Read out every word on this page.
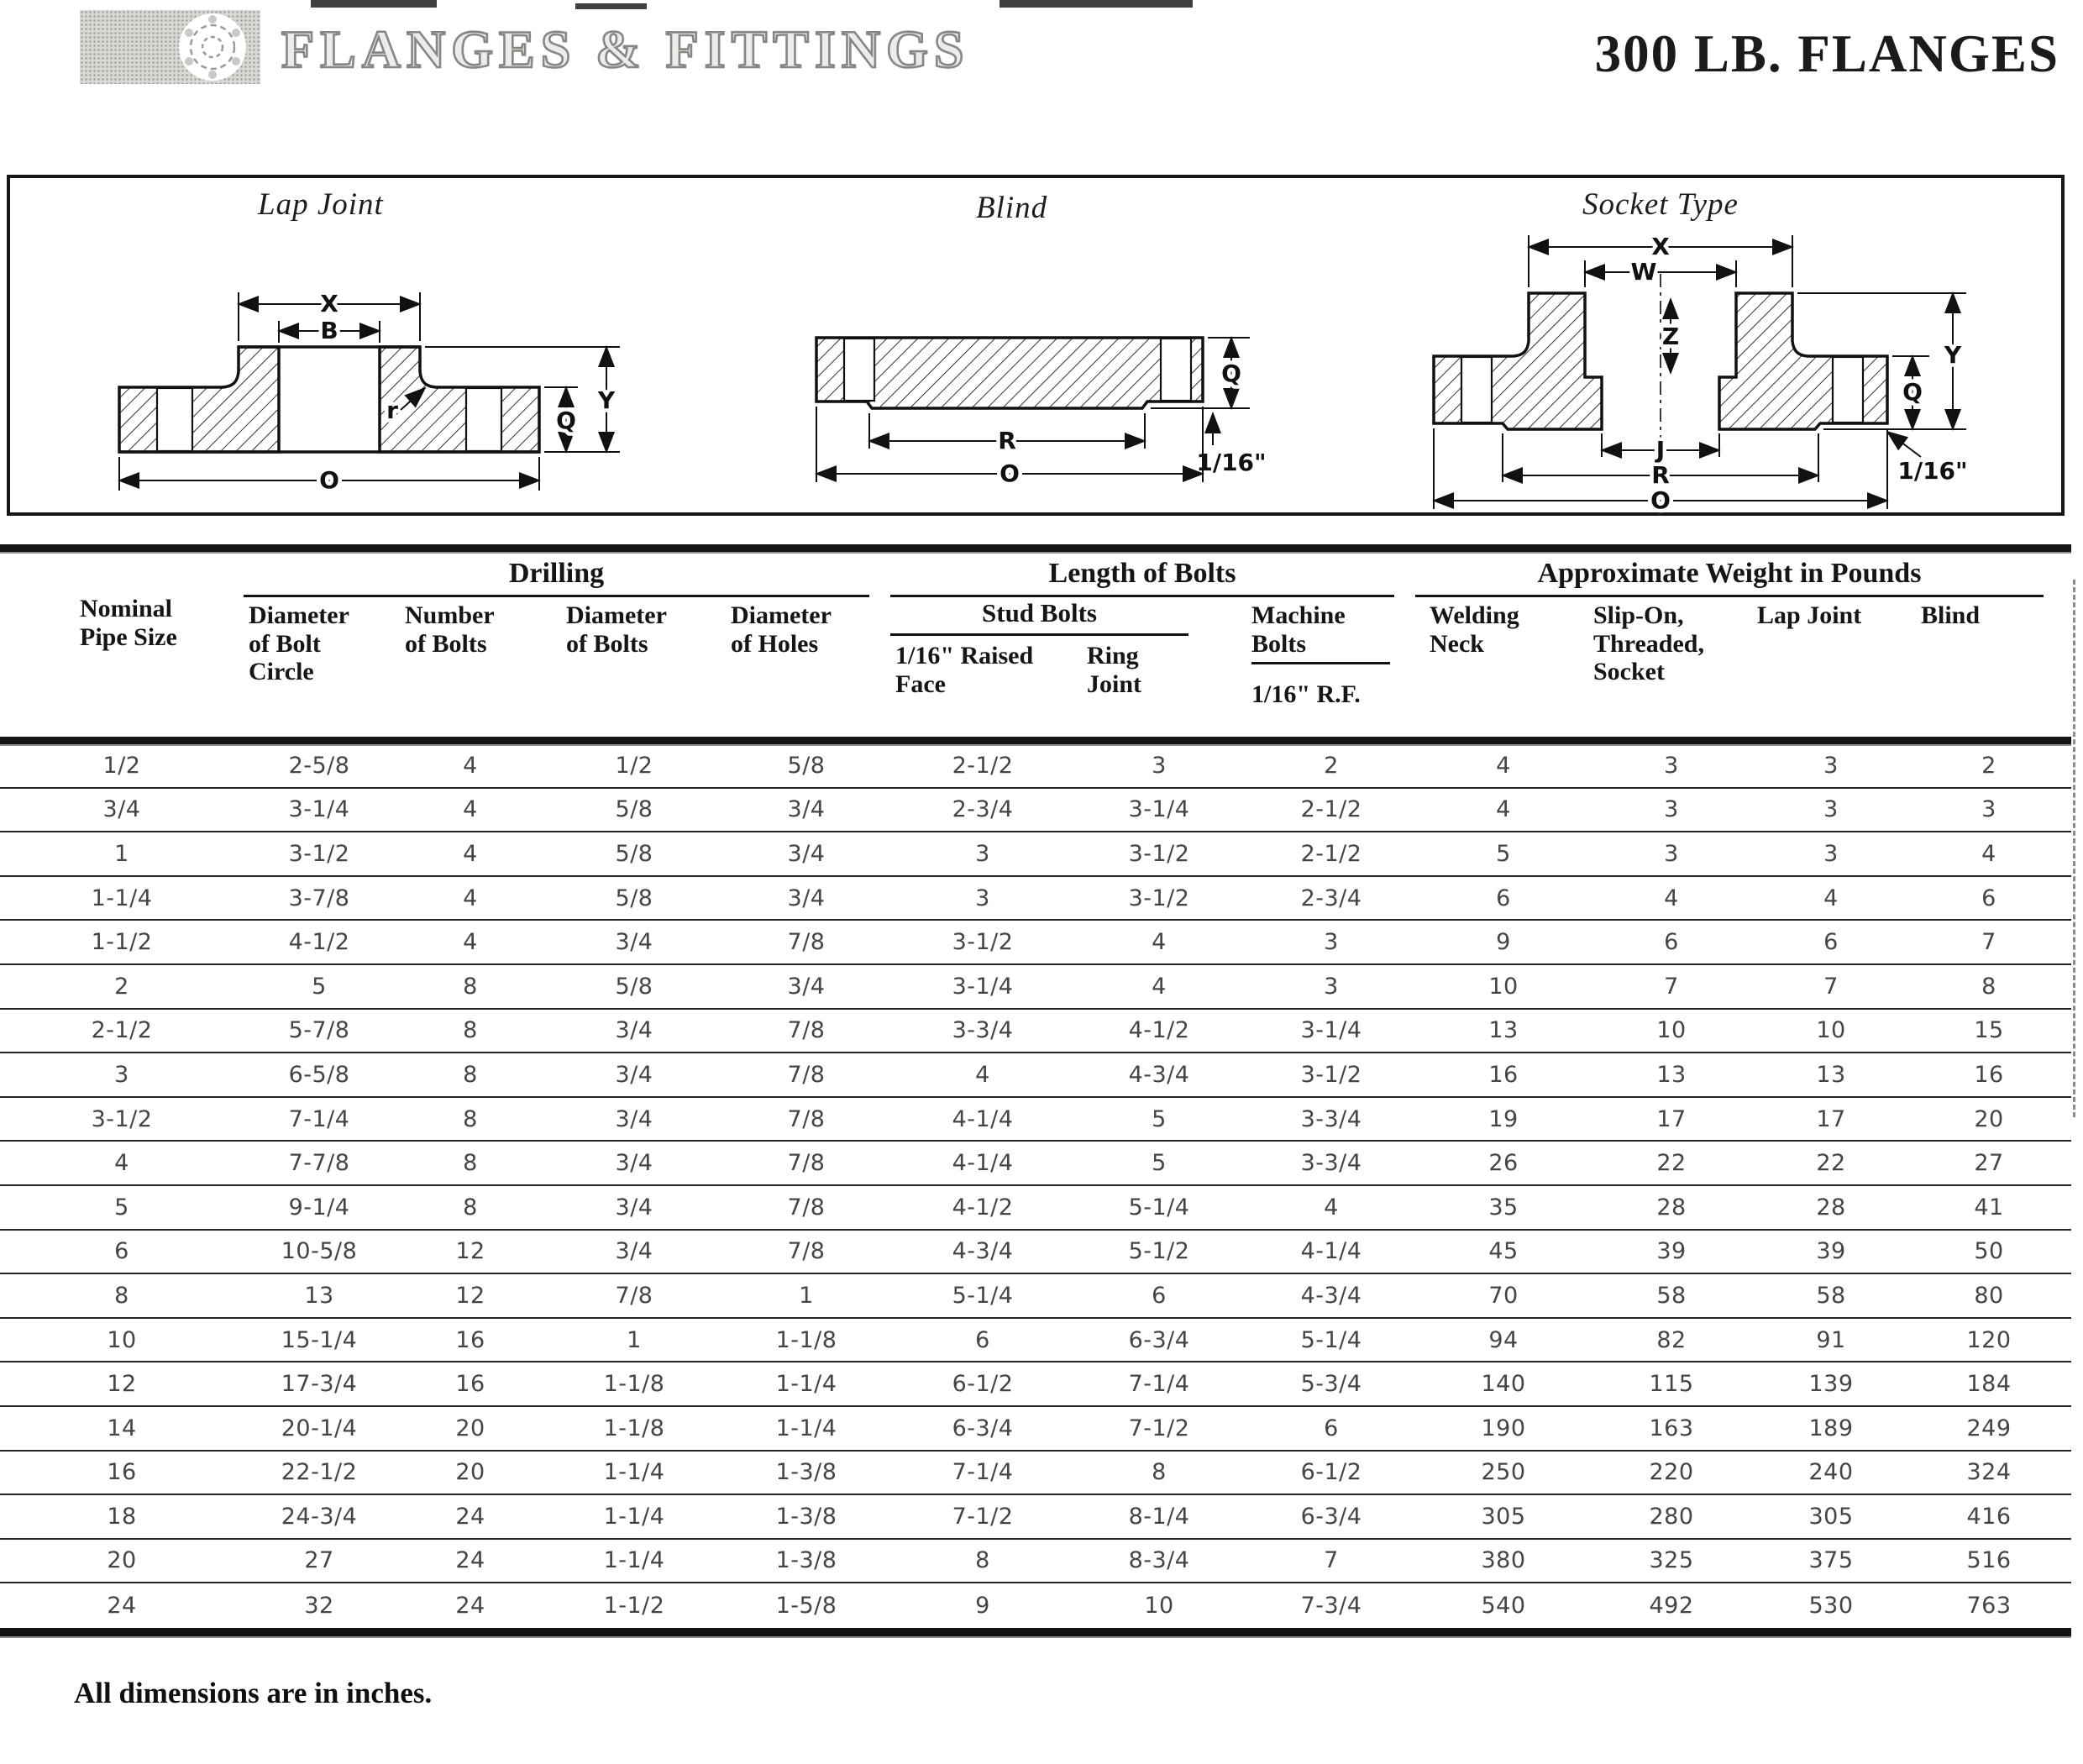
FLANGES & FITTINGS	300 LB. FLANGES
Lap Joint	Blind	Socket Type
X
B
Q
Y
O
r
Q
1/16"
R
O
X
W
Z
Q
Y
1/16"
J
R
O
Drilling	Length of Bolts	Approximate Weight in Pounds
Nominal Pipe Size
Diameter of Bolt Circle
Number of Bolts
Diameter of Bolts
Diameter of Holes
Stud Bolts
1/16" Raised Face
Ring Joint
Machine Bolts
1/16" R.F.
Welding Neck
Slip-On, Threaded, Socket
Lap Joint	Blind
1/2	2-5/8	4	1/2	5/8	2-1/2	3	2	4	3	3	2
3/4	3-1/4	4	5/8	3/4	2-3/4	3-1/4	2-1/2	4	3	3	3
1	3-1/2	4	5/8	3/4	3	3-1/2	2-1/2	5	3	3	4
1-1/4	3-7/8	4	5/8	3/4	3	3-1/2	2-3/4	6	4	4	6
1-1/2	4-1/2	4	3/4	7/8	3-1/2	4	3	9	6	6	7
2	5	8	5/8	3/4	3-1/4	4	3	10	7	7	8
2-1/2	5-7/8	8	3/4	7/8	3-3/4	4-1/2	3-1/4	13	10	10	15
3	6-5/8	8	3/4	7/8	4	4-3/4	3-1/2	16	13	13	16
3-1/2	7-1/4	8	3/4	7/8	4-1/4	5	3-3/4	19	17	17	20
4	7-7/8	8	3/4	7/8	4-1/4	5	3-3/4	26	22	22	27
5	9-1/4	8	3/4	7/8	4-1/2	5-1/4	4	35	28	28	41
6	10-5/8	12	3/4	7/8	4-3/4	5-1/2	4-1/4	45	39	39	50
8	13	12	7/8	1	5-1/4	6	4-3/4	70	58	58	80
10	15-1/4	16	1	1-1/8	6	6-3/4	5-1/4	94	82	91	120
12	17-3/4	16	1-1/8	1-1/4	6-1/2	7-1/4	5-3/4	140	115	139	184
14	20-1/4	20	1-1/8	1-1/4	6-3/4	7-1/2	6	190	163	189	249
16	22-1/2	20	1-1/4	1-3/8	7-1/4	8	6-1/2	250	220	240	324
18	24-3/4	24	1-1/4	1-3/8	7-1/2	8-1/4	6-3/4	305	280	305	416
20	27	24	1-1/4	1-3/8	8	8-3/4	7	380	325	375	516
24	32	24	1-1/2	1-5/8	9	10	7-3/4	540	492	530	763
All dimensions are in inches.
